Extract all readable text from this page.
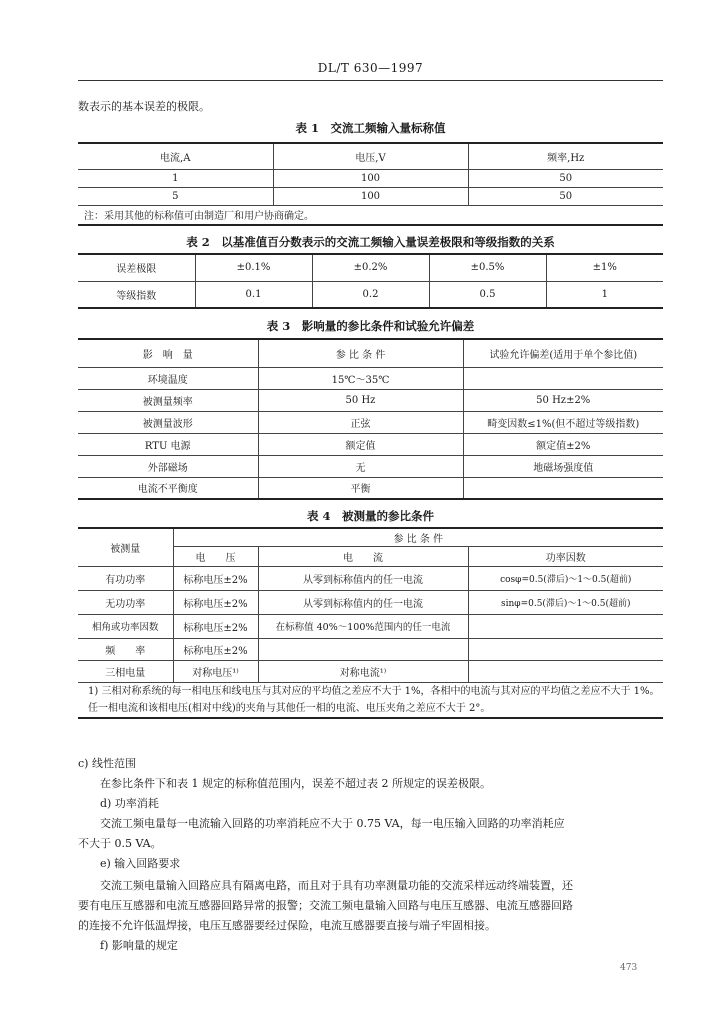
DL/T 630—1997
数表示的基本误差的极限。
表 1　交流工频输入量标称值
电流,A	电压,V	频率,Hz
1	100	50
5	100	50
注：采用其他的标称值可由制造厂和用户协商确定。		
表 2　以基准值百分数表示的交流工频输入量误差极限和等级指数的关系
误差极限	±0.1%	±0.2%	±0.5%	±1%
等级指数	0.1	0.2	0.5	1
表 3　影响量的参比条件和试验允许偏差
影　响　量	参 比 条 件	试验允许偏差(适用于单个参比值)
环境温度	15℃～35℃	
被测量频率	50 Hz	50 Hz±2%
被测量波形	正弦	畸变因数≤1%(但不超过等级指数)
RTU 电源	额定值	额定值±2%
外部磁场	无	地磁场强度值
电流不平衡度	平衡	
表 4　被测量的参比条件
被测量	参 比 条 件		
	电　　压	电　　流	功率因数
有功功率	标称电压±2%	从零到标称值内的任一电流	cosφ=0.5(滞后)～1～0.5(超前)
无功功率	标称电压±2%	从零到标称值内的任一电流	sinφ=0.5(滞后)～1～0.5(超前)
相角或功率因数	标称电压±2%	在标称值 40%～100%范围内的任一电流	
频　　率	标称电压±2%		
三相电量	对称电压¹⁾	对称电流¹⁾	
1) 三相对称系统的每一相电压和线电压与其对应的平均值之差应不大于 1%，各相中的电流与其对应的平均值之差应不大于 1%。任一相电流和该相电压(相对中线)的夹角与其他任一相的电流、电压夹角之差应不大于 2°。			
c) 线性范围
在参比条件下和表 1 规定的标称值范围内，误差不超过表 2 所规定的误差极限。
d) 功率消耗
交流工频电量每一电流输入回路的功率消耗应不大于 0.75 VA，每一电压输入回路的功率消耗应
不大于 0.5 VA。
e) 输入回路要求
交流工频电量输入回路应具有隔离电路，而且对于具有功率测量功能的交流采样远动终端装置，还
要有电压互感器和电流互感器回路异常的报警；交流工频电量输入回路与电压互感器、电流互感器回路
的连接不允许低温焊接，电压互感器要经过保险，电流互感器要直接与端子牢固相接。
f) 影响量的规定
473
